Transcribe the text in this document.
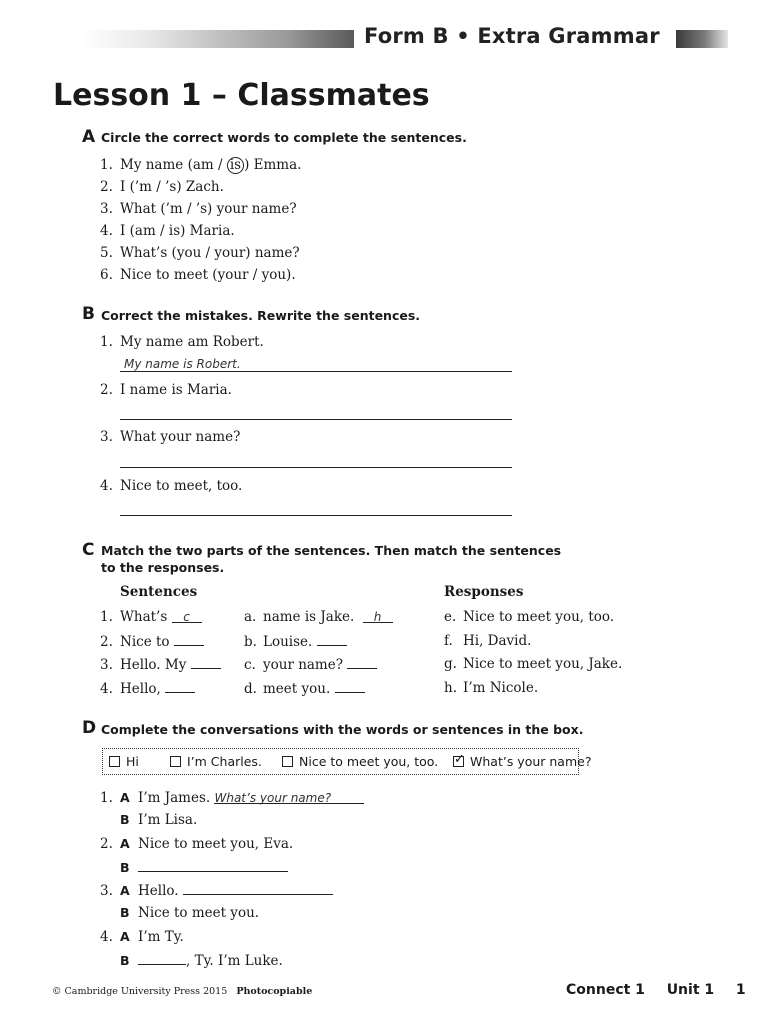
Form B • Extra Grammar
Lesson 1 – Classmates
A Circle the correct words to complete the sentences.
1. My name (am / is ) Emma.
2. I (’m / ’s) Zach.
3. What (’m / ’s) your name?
4. I (am / is) Maria.
5. What’s (you / your) name?
6. Nice to meet (your / you).
B Correct the mistakes. Rewrite the sentences.
1. My name am Robert.
My name is Robert.
2. I name is Maria.
3. What your name?
4. Nice to meet, too.
C Match the two parts of the sentences. Then match the sentences
to the responses.
Sentences	Responses
1. What’s c	a. name is Jake. h	e. Nice to meet you, too.
2. Nice to	b. Louise.	f. Hi, David.
3. Hello. My	c. your name?	g. Nice to meet you, Jake.
4. Hello,	d. meet you.	h. I’m Nicole.
D Complete the conversations with the words or sentences in the box.
Hi	I’m Charles.	Nice to meet you, too.
✓	What’s your name?
1. A I’m James. What’s your name?
B I’m Lisa.
2. A Nice to meet you, Eva.
B
3. A Hello.
B Nice to meet you.
4. A I’m Ty.
B	, Ty. I’m Luke.
© Cambridge University Press 2015 Photocopiable	Connect 1 Unit 1 1
